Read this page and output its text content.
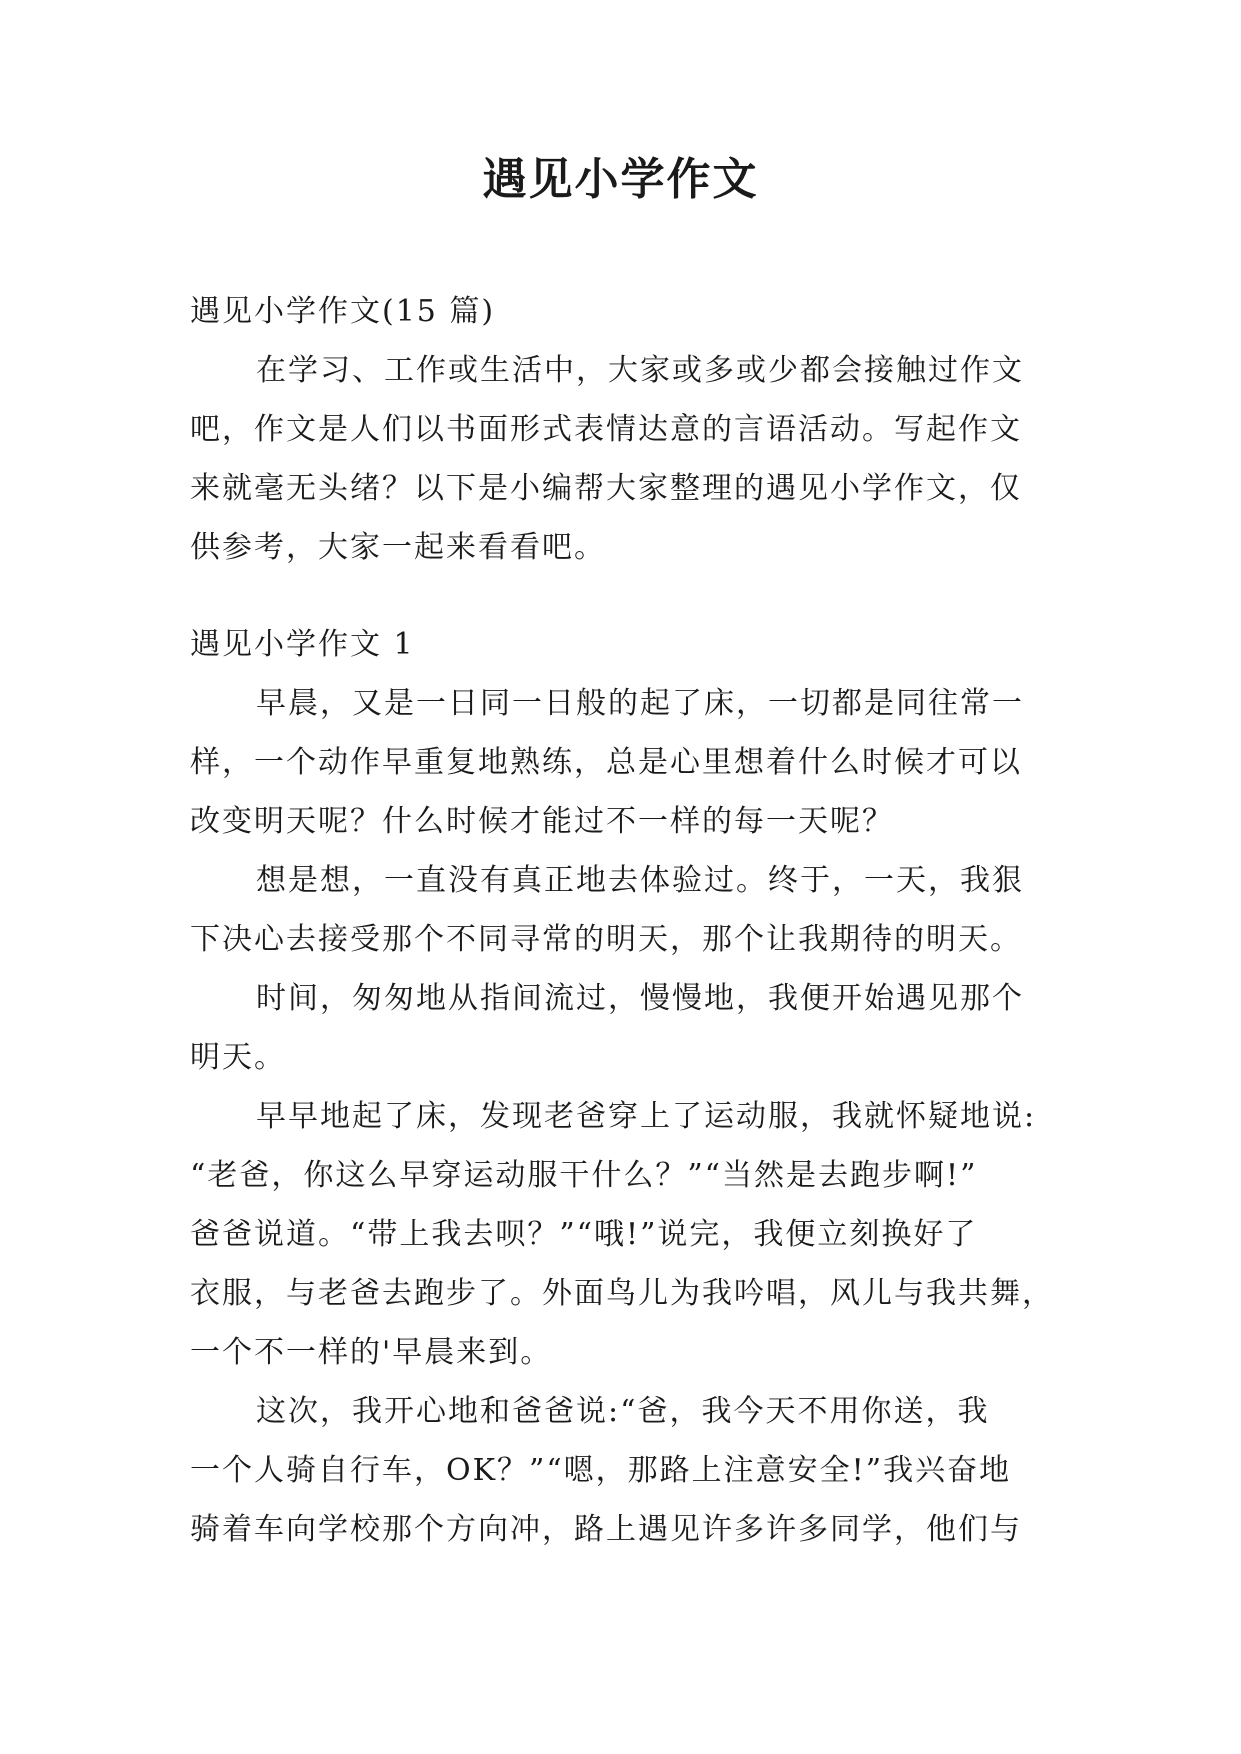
遇见小学作文
遇见小学作文(15 篇)
在学习、工作或生活中，大家或多或少都会接触过作文
吧，作文是人们以书面形式表情达意的言语活动。写起作文
来就毫无头绪？以下是小编帮大家整理的遇见小学作文，仅
供参考，大家一起来看看吧。
遇见小学作文 1
早晨，又是一日同一日般的起了床，一切都是同往常一
样，一个动作早重复地熟练，总是心里想着什么时候才可以
改变明天呢？什么时候才能过不一样的每一天呢？
想是想，一直没有真正地去体验过。终于，一天，我狠
下决心去接受那个不同寻常的明天，那个让我期待的明天。
时间，匆匆地从指间流过，慢慢地，我便开始遇见那个
明天。
早早地起了床，发现老爸穿上了运动服，我就怀疑地说:
“老爸，你这么早穿运动服干什么？”“当然是去跑步啊!”
爸爸说道。“带上我去呗？”“哦!”说完，我便立刻换好了
衣服，与老爸去跑步了。外面鸟儿为我吟唱，风儿与我共舞，
一个不一样的'早晨来到。
这次，我开心地和爸爸说:“爸，我今天不用你送，我
一个人骑自行车，OK？”“嗯，那路上注意安全!”我兴奋地
骑着车向学校那个方向冲，路上遇见许多许多同学，他们与
